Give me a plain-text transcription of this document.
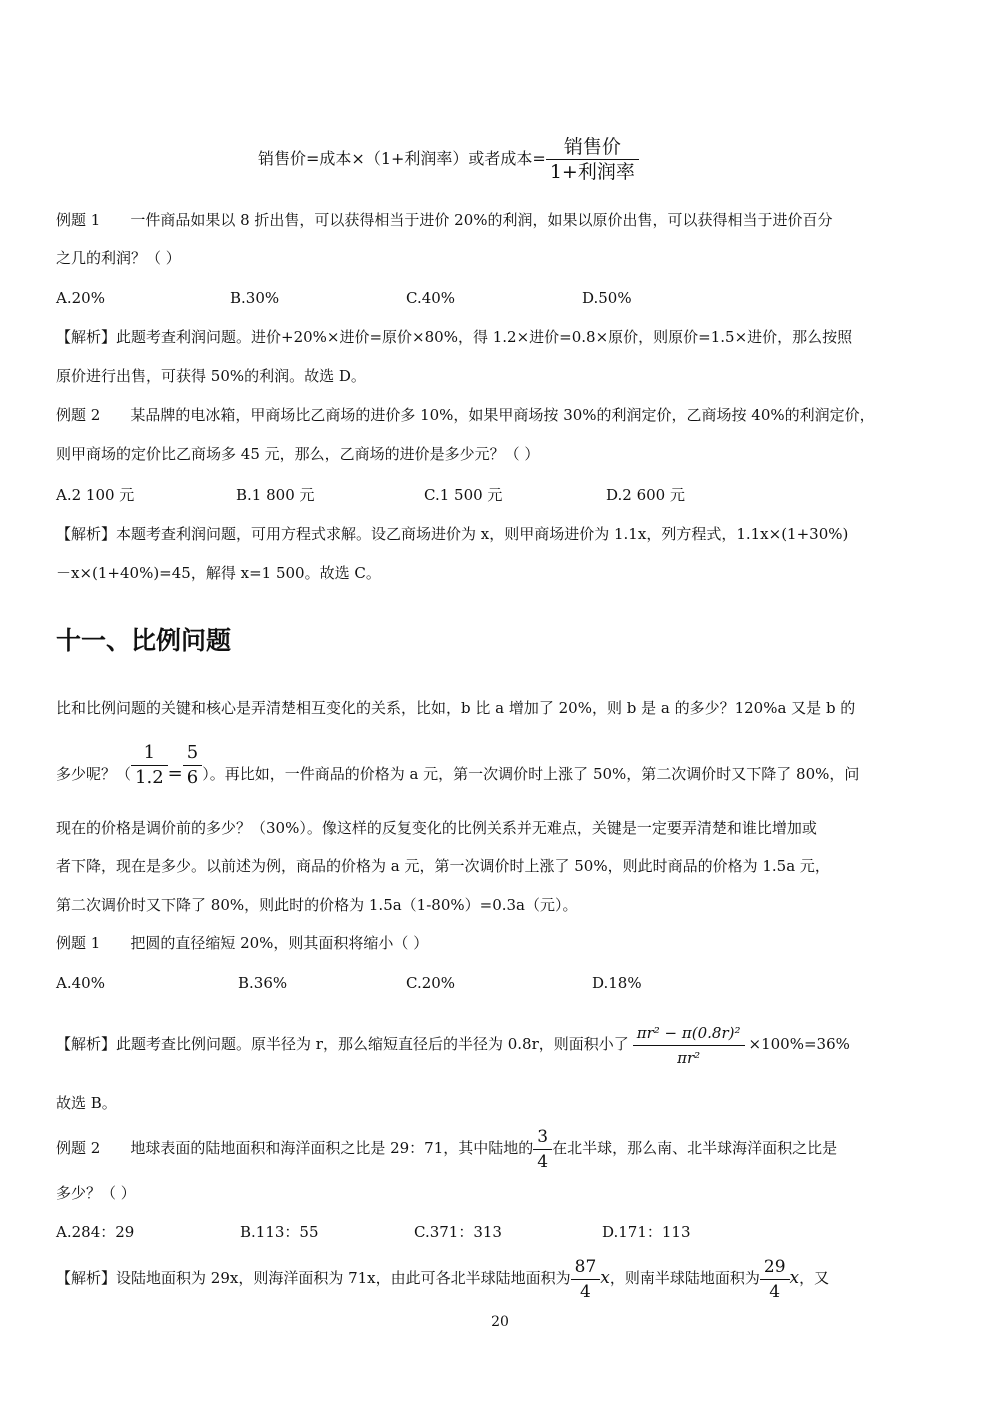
销售价=成本×（1+利润率）或者成本= $\frac{\text{销售价}}{\text{1+利润率}}$
例题 1 一件商品如果以 8 折出售，可以获得相当于进价 20%的利润，如果以原价出售，可以获得相当于进价百分
之几的利润？（ ）
A.20%	B.30%	C.40%	D.50%
【解析】此题考查利润问题。进价+20%×进价=原价×80%，得 1.2×进价=0.8×原价，则原价=1.5×进价，那么按照
原价进行出售，可获得 50%的利润。故选 D。
例题 2 某品牌的电冰箱，甲商场比乙商场的进价多 10%，如果甲商场按 30%的利润定价，乙商场按 40%的利润定价，
则甲商场的定价比乙商场多 45 元，那么，乙商场的进价是多少元？（ ）
A.2 100 元	B.1 800 元	C.1 500 元	D.2 600 元
【解析】本题考查利润问题，可用方程式求解。设乙商场进价为 x，则甲商场进价为 1.1x，列方程式，1.1x×(1+30%)
－x×(1+40%)=45，解得 x=1 500。故选 C。
十一、比例问题
比和比例问题的关键和核心是弄清楚相互变化的关系，比如，b 比 a 增加了 20%，则 b 是 a 的多少？120%a 又是 b 的
多少呢？（ $\frac{1}{1.2} = \frac{5}{6}$ ）。再比如，一件商品的价格为 a 元，第一次调价时上涨了 50%，第二次调价时又下降了 80%，问
现在的价格是调价前的多少？（30%）。像这样的反复变化的比例关系并无难点，关键是一定要弄清楚和谁比增加或
者下降，现在是多少。以前述为例，商品的价格为 a 元，第一次调价时上涨了 50%，则此时商品的价格为 1.5a 元，
第二次调价时又下降了 80%，则此时的价格为 1.5a（1-80%）=0.3a（元）。
例题 1 把圆的直径缩短 20%，则其面积将缩小（ ）
A.40%	B.36%	C.20%	D.18%
【解析】此题考查比例问题。原半径为 r，那么缩短直径后的半径为 0.8r，则面积小了 $\frac{\text{πr² − π(0.8r)²}}{\text{πr²}} \times 100\%=36\%$
故选 B。
例题 2 地球表面的陆地面积和海洋面积之比是 29：71，其中陆地的 $\frac{3}{4}$ 在北半球，那么南、北半球海洋面积之比是
多少？（ ）
A.284：29	B.113：55	C.371：313	D.171：113
【解析】设陆地面积为 29x，则海洋面积为 71x，由此可各北半球陆地面积为 $\frac{87}{4}$ x，则南半球陆地面积为 $\frac{29}{4}$ x，又
20
